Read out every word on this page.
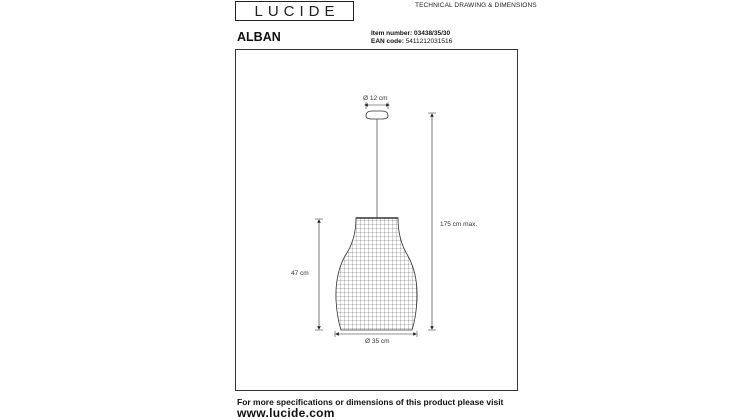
LUCIDE	TECHNICAL DRAWING & DIMENSIONS
ALBAN	Item number: 03438/35/30
EAN code: 5411212031516
Ø 12 cm
175 cm max.
47 cm
Ø 35 cm
For more specifications or dimensions of this product please visit
www.lucide.com
